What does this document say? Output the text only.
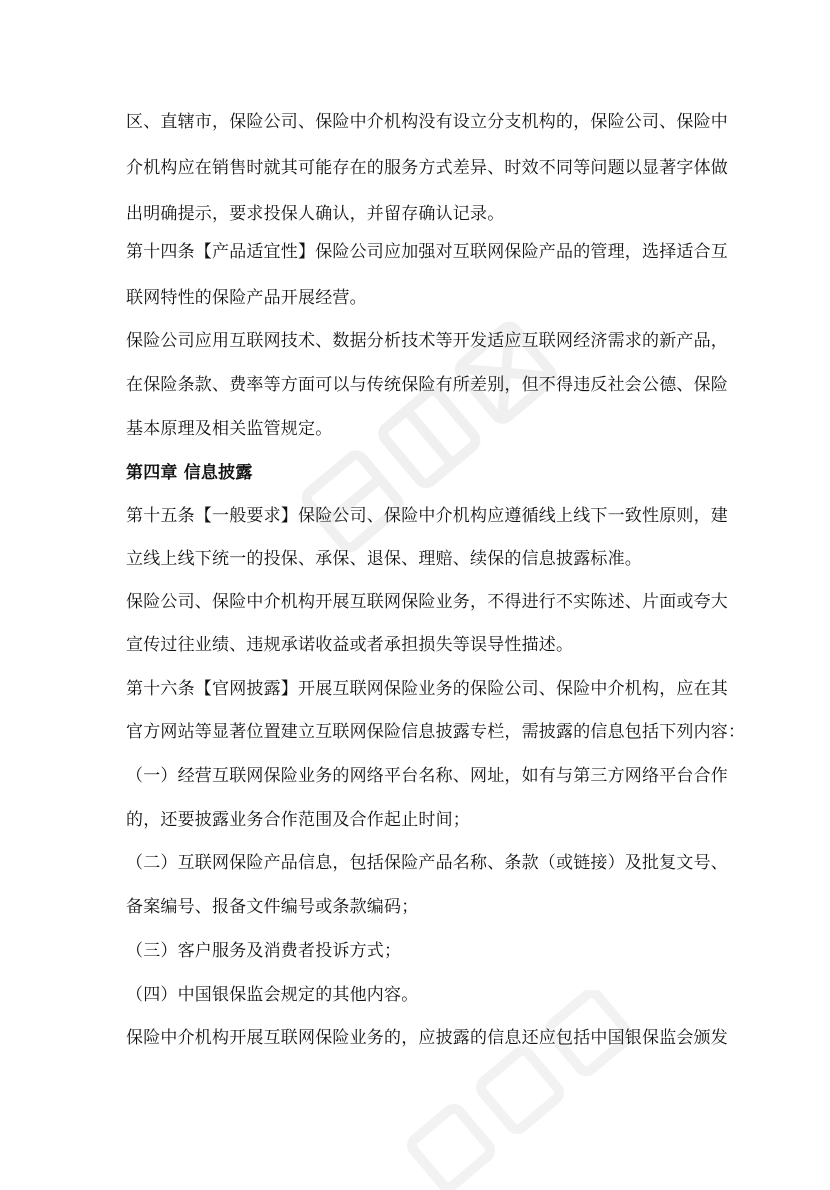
区、直辖市，保险公司、保险中介机构没有设立分支机构的，保险公司、保险中
介机构应在销售时就其可能存在的服务方式差异、时效不同等问题以显著字体做
出明确提示，要求投保人确认，并留存确认记录。
第十四条【产品适宜性】保险公司应加强对互联网保险产品的管理，选择适合互
联网特性的保险产品开展经营。
保险公司应用互联网技术、数据分析技术等开发适应互联网经济需求的新产品，
在保险条款、费率等方面可以与传统保险有所差别，但不得违反社会公德、保险
基本原理及相关监管规定。
第四章 信息披露
第十五条【一般要求】保险公司、保险中介机构应遵循线上线下一致性原则，建
立线上线下统一的投保、承保、退保、理赔、续保的信息披露标准。
保险公司、保险中介机构开展互联网保险业务，不得进行不实陈述、片面或夸大
宣传过往业绩、违规承诺收益或者承担损失等误导性描述。
第十六条【官网披露】开展互联网保险业务的保险公司、保险中介机构，应在其
官方网站等显著位置建立互联网保险信息披露专栏，需披露的信息包括下列内容：
（一）经营互联网保险业务的网络平台名称、网址，如有与第三方网络平台合作
的，还要披露业务合作范围及合作起止时间；
（二）互联网保险产品信息，包括保险产品名称、条款（或链接）及批复文号、
备案编号、报备文件编号或条款编码；
（三）客户服务及消费者投诉方式；
（四）中国银保监会规定的其他内容。
保险中介机构开展互联网保险业务的，应披露的信息还应包括中国银保监会颁发
